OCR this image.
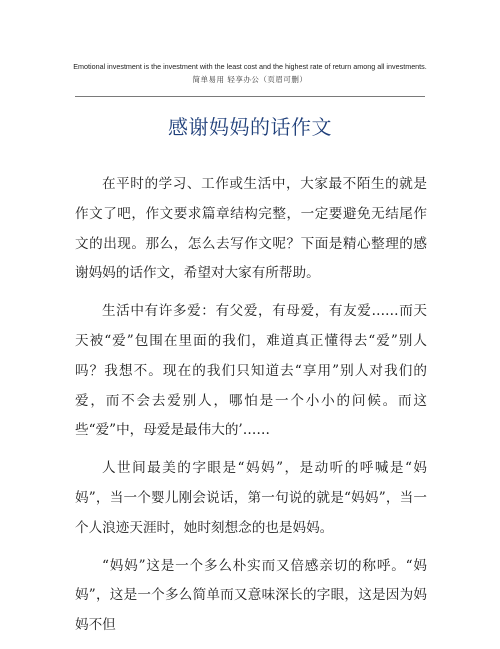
Emotional investment is the investment with the least cost and the highest rate of return among all investments.
简单易用 轻享办公（页眉可删）
感谢妈妈的话作文

在平时的学习、工作或生活中，大家最不陌生的就是作文了吧，作文要求篇章结构完整，一定要避免无结尾作文的出现。那么，怎么去写作文呢？下面是精心整理的感谢妈妈的话作文，希望对大家有所帮助。

生活中有许多爱：有父爱，有母爱，有友爱……而天天被“爱”包围在里面的我们，难道真正懂得去“爱”别人吗？我想不。现在的我们只知道去“享用”别人对我们的爱，而不会去爱别人，哪怕是一个小小的问候。而这些“爱”中，母爱是最伟大的’……

人世间最美的字眼是“妈妈”，是动听的呼喊是“妈妈”，当一个婴儿刚会说话，第一句说的就是“妈妈”，当一个人浪迹天涯时，她时刻想念的也是妈妈。

“妈妈”这是一个多么朴实而又倍感亲切的称呼。“妈妈”，这是一个多么简单而又意味深长的字眼，这是因为妈妈不但
